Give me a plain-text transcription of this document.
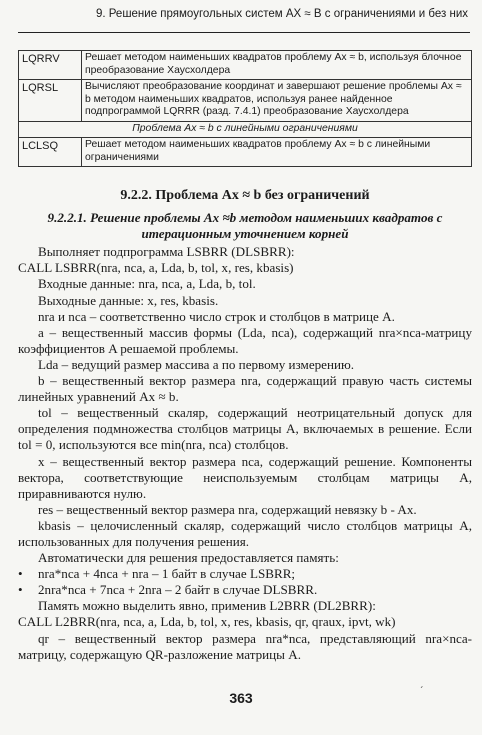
9. Решение прямоугольных систем AX ≈ B с ограничениями и без них
LQRRV	Решает методом наименьших квадратов проблему Ax ≈ b, используя блочное преобразование Хаусхолдера
LQRSL	Вычисляют преобразование координат и завершают решение проблемы Ax ≈ b методом наименьших квадратов, используя ранее найденное подпрограммой LQRRR (разд. 7.4.1) преобразование Хаусхолдера
Проблема Ax ≈ b с линейными ограничениями	
LCLSQ	Решает методом наименьших квадратов проблему Ax ≈ b с линейными ограничениями

9.2.2. Проблема Ax ≈ b без ограничений

9.2.2.1. Решение проблемы Ax ≈b методом наименьших квадратов с итерационным уточнением корней

Выполняет подпрограмма LSBRR (DLSBRR):

CALL LSBRR(nra, nca, a, Lda, b, tol, x, res, kbasis)

Входные данные: nra, nca, a, Lda, b, tol.

Выходные данные: x, res, kbasis.

nra и nca – соответственно число строк и столбцов в матрице A.

a – вещественный массив формы (Lda, nca), содержащий nra×nca-матрицу коэффициентов A решаемой проблемы.

Lda – ведущий размер массива a по первому измерению.

b – вещественный вектор размера nra, содержащий правую часть системы линейных уравнений Ax ≈ b.

tol – вещественный скаляр, содержащий неотрицательный допуск для определения подмножества столбцов матрицы A, включаемых в решение. Если tol = 0, используются все min(nra, nca) столбцов.

x – вещественный вектор размера nca, содержащий решение. Компоненты вектора, соответствующие неиспользуемым столбцам матрицы A, приравниваются нулю.

res – вещественный вектор размера nra, содержащий невязку b - Ax.

kbasis – целочисленный скаляр, содержащий число столбцов матрицы A, использованных для получения решения.

Автоматически для решения предоставляется память:

• nra*nca + 4nca + nra – 1 байт в случае LSBRR;

• 2nra*nca + 7nca + 2nra – 2 байт в случае DLSBRR.

Память можно выделить явно, применив L2BRR (DL2BRR):

CALL L2BRR(nra, nca, a, Lda, b, tol, x, res, kbasis, qr, qraux, ipvt, wk)

qr – вещественный вектор размера nra*nca, представляющий nra×nca-матрицу, содержащую QR-разложение матрицы A.

363	ˊ
